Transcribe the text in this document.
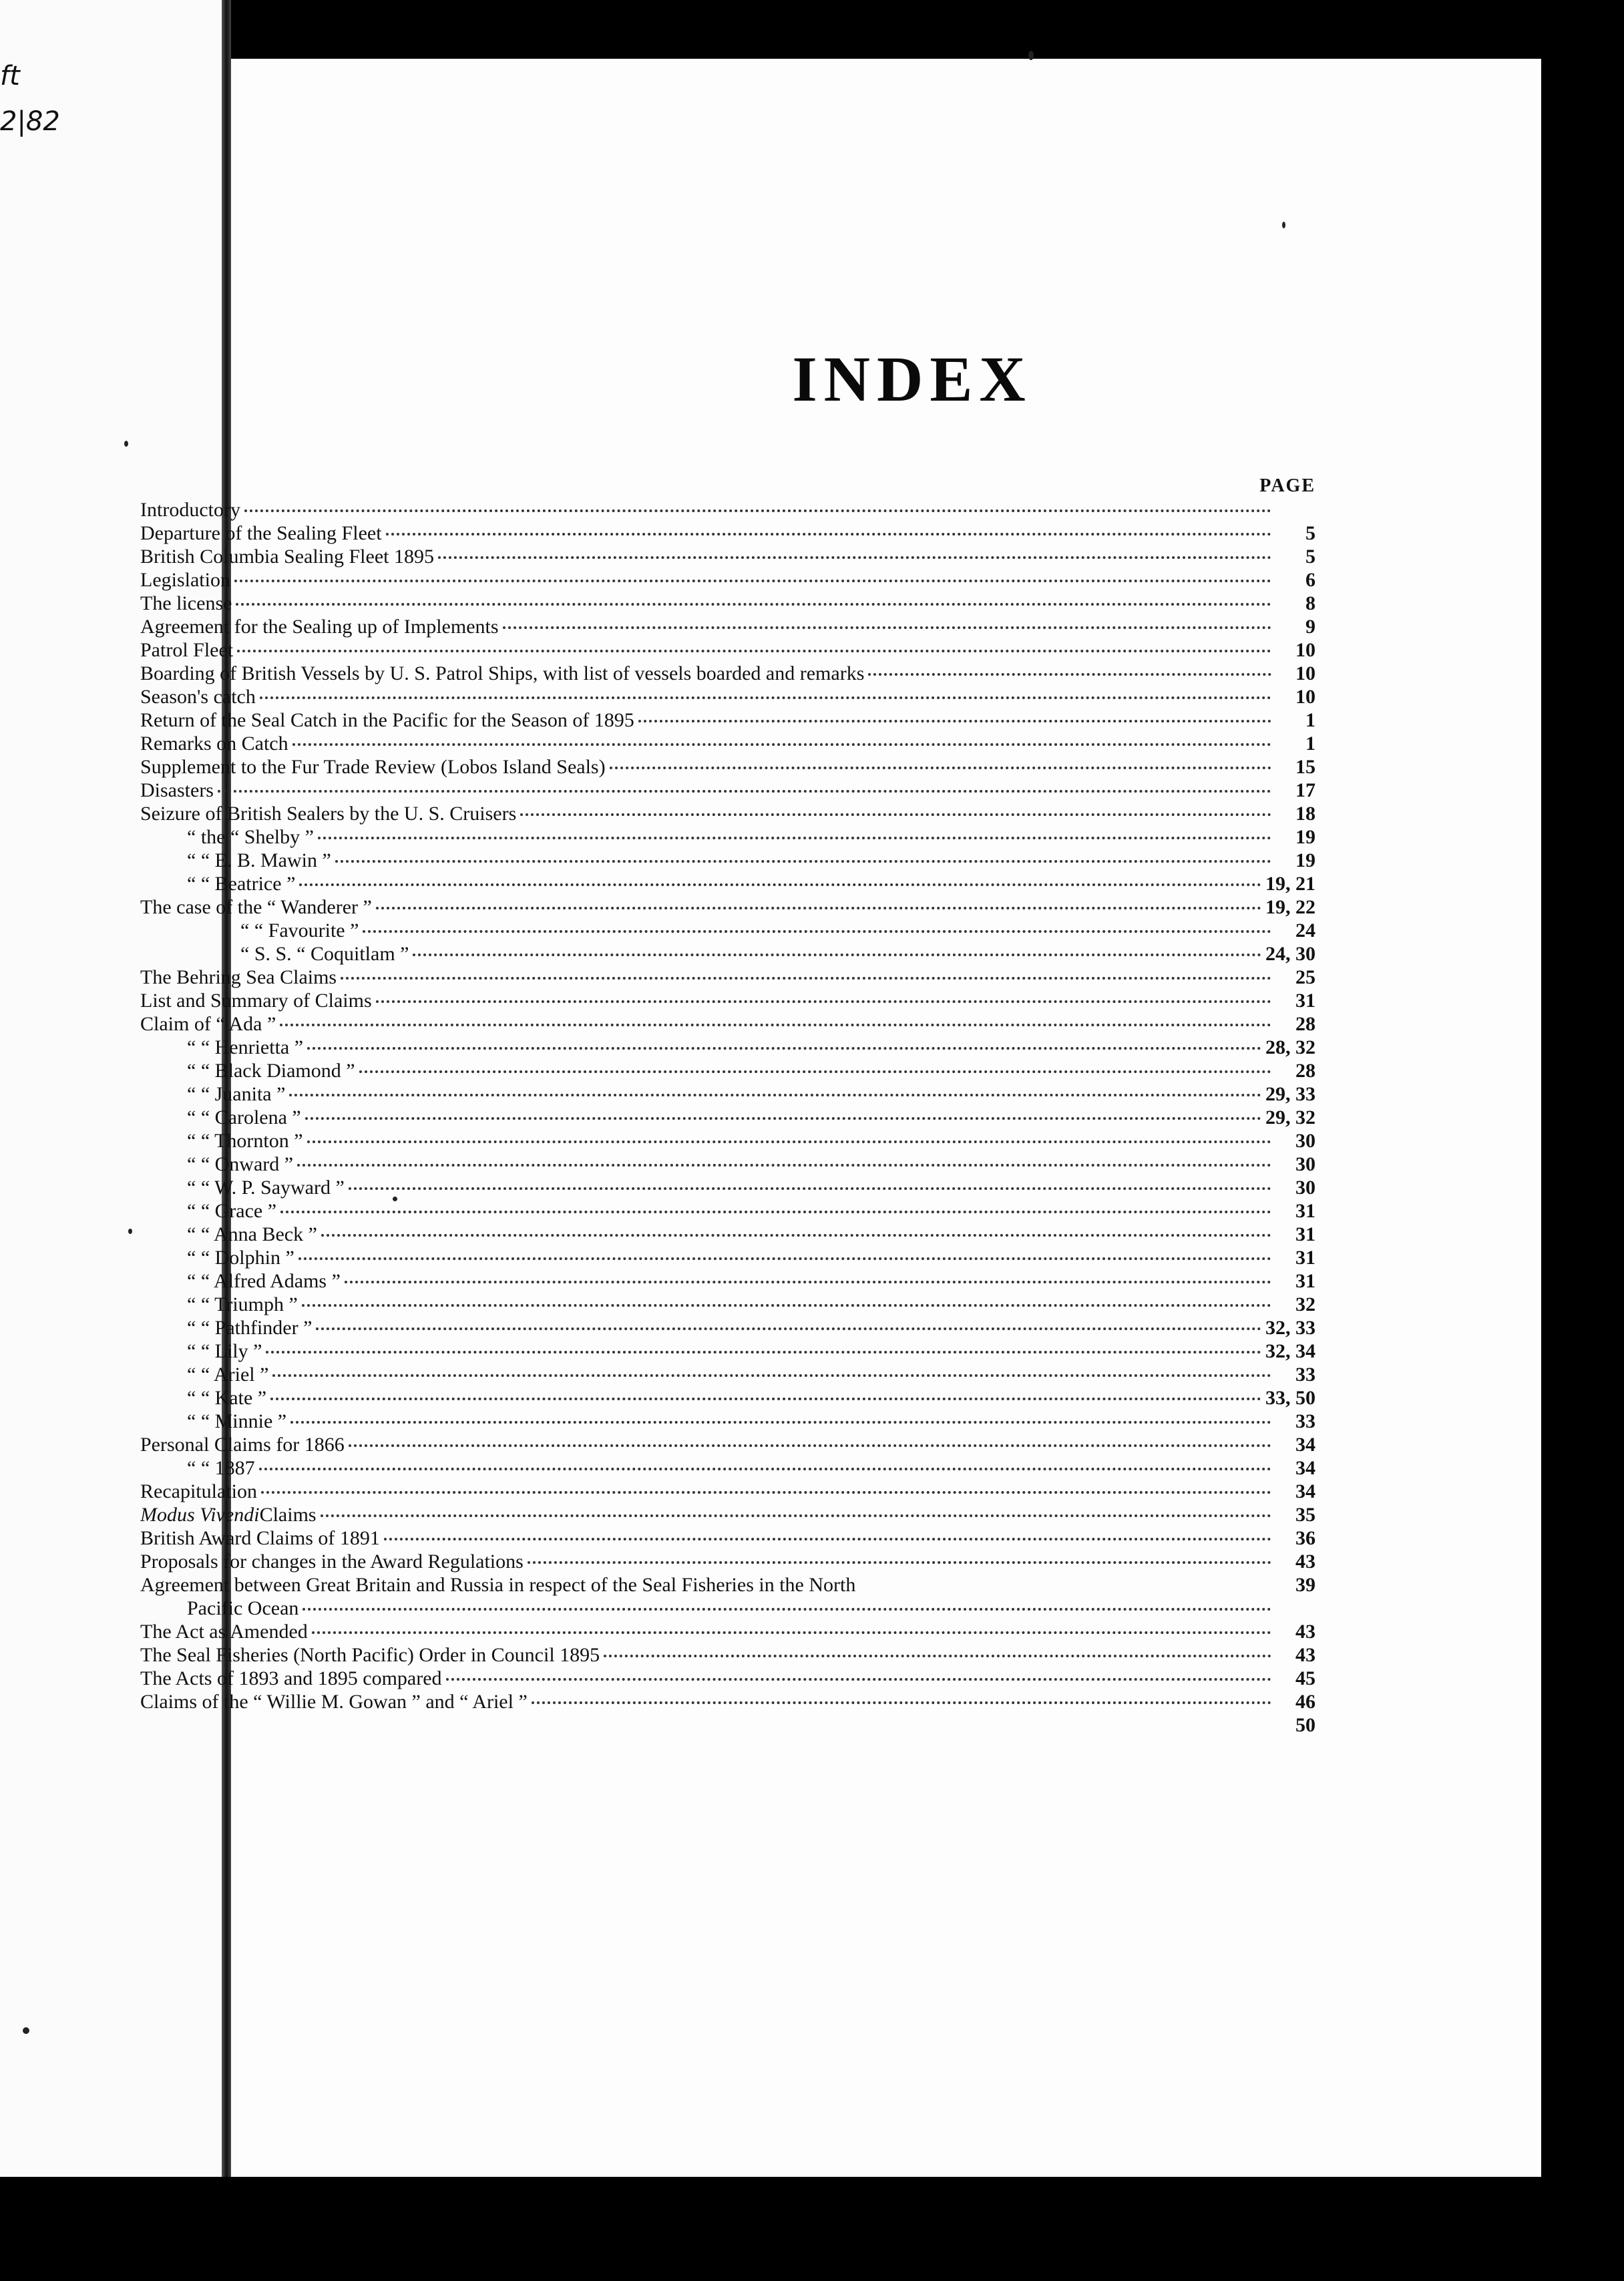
ft
2|82
INDEX
PAGE
Introductory
Departure of the Sealing Fleet	5
British Columbia Sealing Fleet 1895	5
Legislation	6
The license	8
Agreement for the Sealing up of Implements	9
Patrol Fleet	10
Boarding of British Vessels by U. S. Patrol Ships, with list of vessels boarded and remarks	10
Season's catch	10
Return of the Seal Catch in the Pacific for the Season of 1895	1
Remarks on Catch	1
Supplement to the Fur Trade Review (Lobos Island Seals)	15
Disasters	17
Seizure of British Sealers by the U. S. Cruisers	18
“ the “ Shelby ”	19
“ “ E. B. Mawin ”	19
“ “ Beatrice ”	19, 21
The case of the “ Wanderer ”	19, 22
“ “ Favourite ”	24
“ S. S. “ Coquitlam ”	24, 30
The Behring Sea Claims	25
List and Summary of Claims	31
Claim of “ Ada ”	28
“ “ Henrietta ”	28, 32
“ “ Black Diamond ”	28
“ “ Juanita ”	29, 33
“ “ Carolena ”	29, 32
“ “ Thornton ”	30
“ “ Onward ”	30
“ “ W. P. Sayward ”	30
“ “ Grace ”	31
“ “ Anna Beck ”	31
“ “ Dolphin ”	31
“ “ Alfred Adams ”	31
“ “ Triumph ”	32
“ “ Pathfinder ”	32, 33
“ “ Lily ”	32, 34
“ “ Ariel ”	33
“ “ Kate ”	33, 50
“ “ Minnie ”	33
Personal Claims for 1866	34
“ “ 1887	34
Recapitulation	34
Modus Vivendi Claims	35
British Award Claims of 1891	36
Proposals for changes in the Award Regulations	43
Agreement between Great Britain and Russia in respect of the Seal Fisheries in the North	39
Pacific Ocean
The Act as Amended	43
The Seal Fisheries (North Pacific) Order in Council 1895	43
The Acts of 1893 and 1895 compared	45
Claims of the “ Willie M. Gowan ” and “ Ariel ”	46
50
